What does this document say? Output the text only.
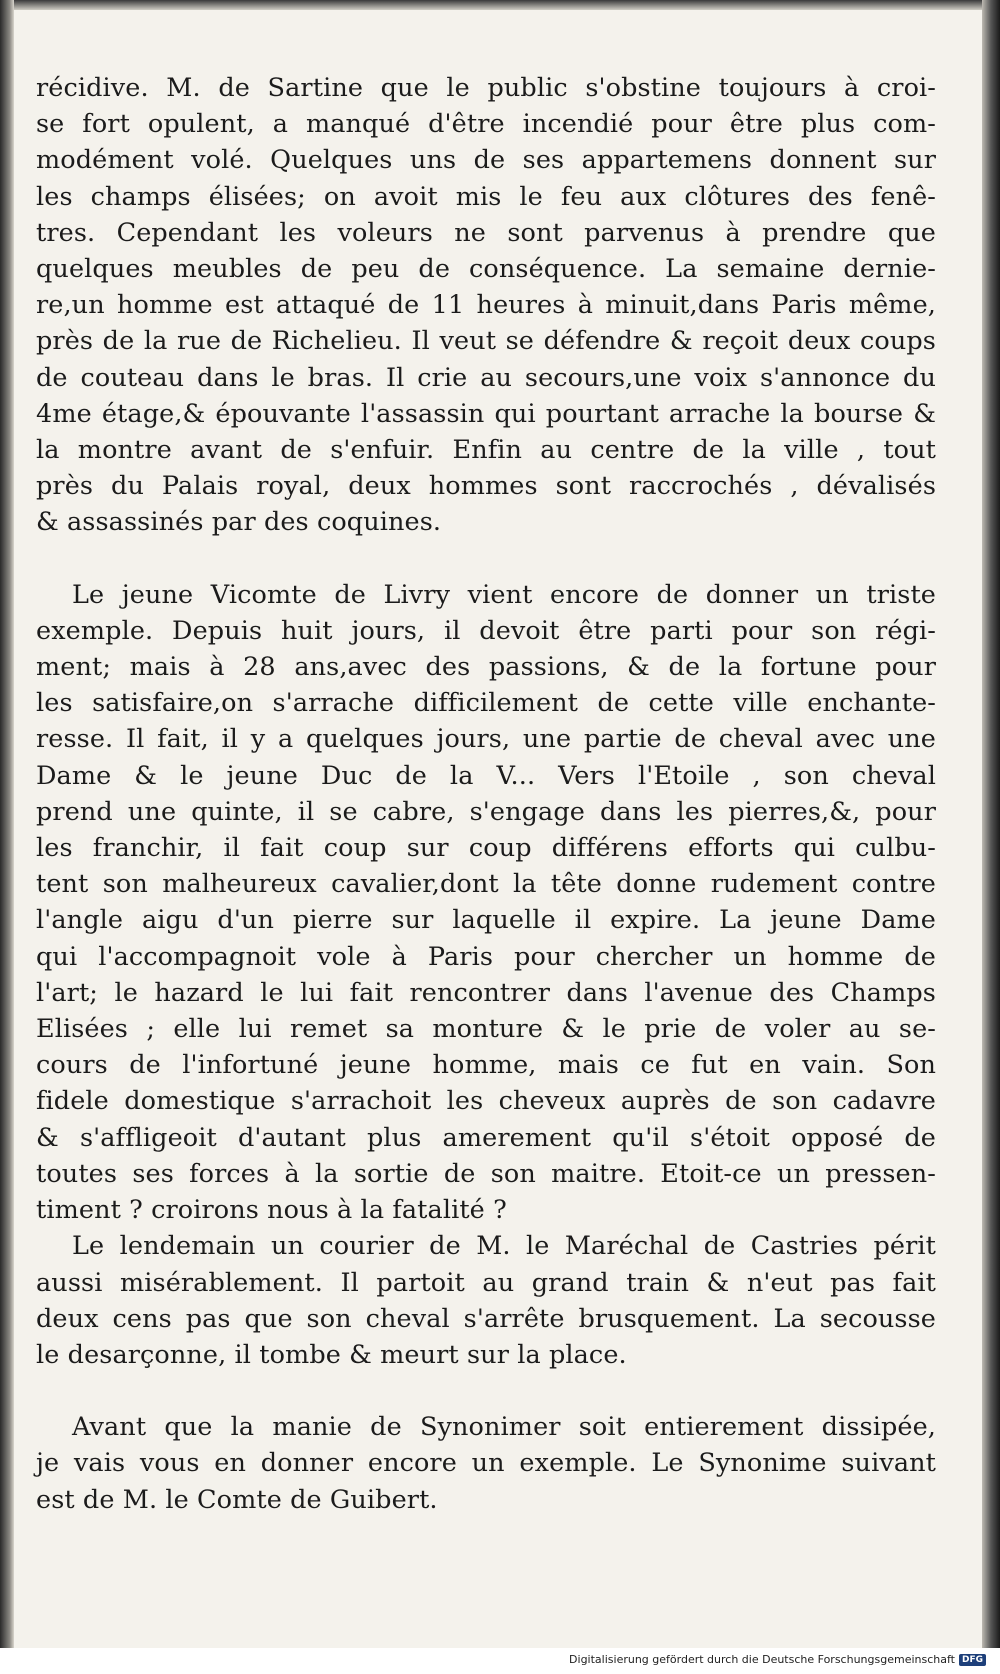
récidive. M. de Sartine que le public s'obstine toujours à croi-
se fort opulent, a manqué d'être incendié pour être plus com-
modément volé. Quelques uns de ses appartemens donnent sur
les champs élisées; on avoit mis le feu aux clôtures des fenê-
tres. Cependant les voleurs ne sont parvenus à prendre que
quelques meubles de peu de conséquence. La semaine dernie-
re,un homme est attaqué de 11 heures à minuit,dans Paris même,
près de la rue de Richelieu. Il veut se défendre & reçoit deux coups
de couteau dans le bras. Il crie au secours,une voix s'annonce du
4me étage,& épouvante l'assassin qui pourtant arrache la bourse &
la montre avant de s'enfuir. Enfin au centre de la ville , tout
près du Palais royal, deux hommes sont raccrochés , dévalisés
& assassinés par des coquines.

Le jeune Vicomte de Livry vient encore de donner un triste
exemple. Depuis huit jours, il devoit être parti pour son régi-
ment; mais à 28 ans,avec des passions, & de la fortune pour
les satisfaire,on s'arrache difficilement de cette ville enchante-
resse. Il fait, il y a quelques jours, une partie de cheval avec une
Dame & le jeune Duc de la V... Vers l'Etoile , son cheval
prend une quinte, il se cabre, s'engage dans les pierres,&, pour
les franchir, il fait coup sur coup différens efforts qui culbu-
tent son malheureux cavalier,dont la tête donne rudement contre
l'angle aigu d'un pierre sur laquelle il expire. La jeune Dame
qui l'accompagnoit vole à Paris pour chercher un homme de
l'art; le hazard le lui fait rencontrer dans l'avenue des Champs
Elisées ; elle lui remet sa monture & le prie de voler au se-
cours de l'infortuné jeune homme, mais ce fut en vain. Son
fidele domestique s'arrachoit les cheveux auprès de son cadavre
& s'affligeoit d'autant plus amerement qu'il s'étoit opposé de
toutes ses forces à la sortie de son maitre. Etoit-ce un pressen-
timent ? croirons nous à la fatalité ?

Le lendemain un courier de M. le Maréchal de Castries périt
aussi misérablement. Il partoit au grand train & n'eut pas fait
deux cens pas que son cheval s'arrête brusquement. La secousse
le desarçonne, il tombe & meurt sur la place.

Avant que la manie de Synonimer soit entierement dissipée,
je vais vous en donner encore un exemple. Le Synonime suivant
est de M. le Comte de Guibert.

Digitalisierung gefördert durch die Deutsche Forschungsgemeinschaft DFG
